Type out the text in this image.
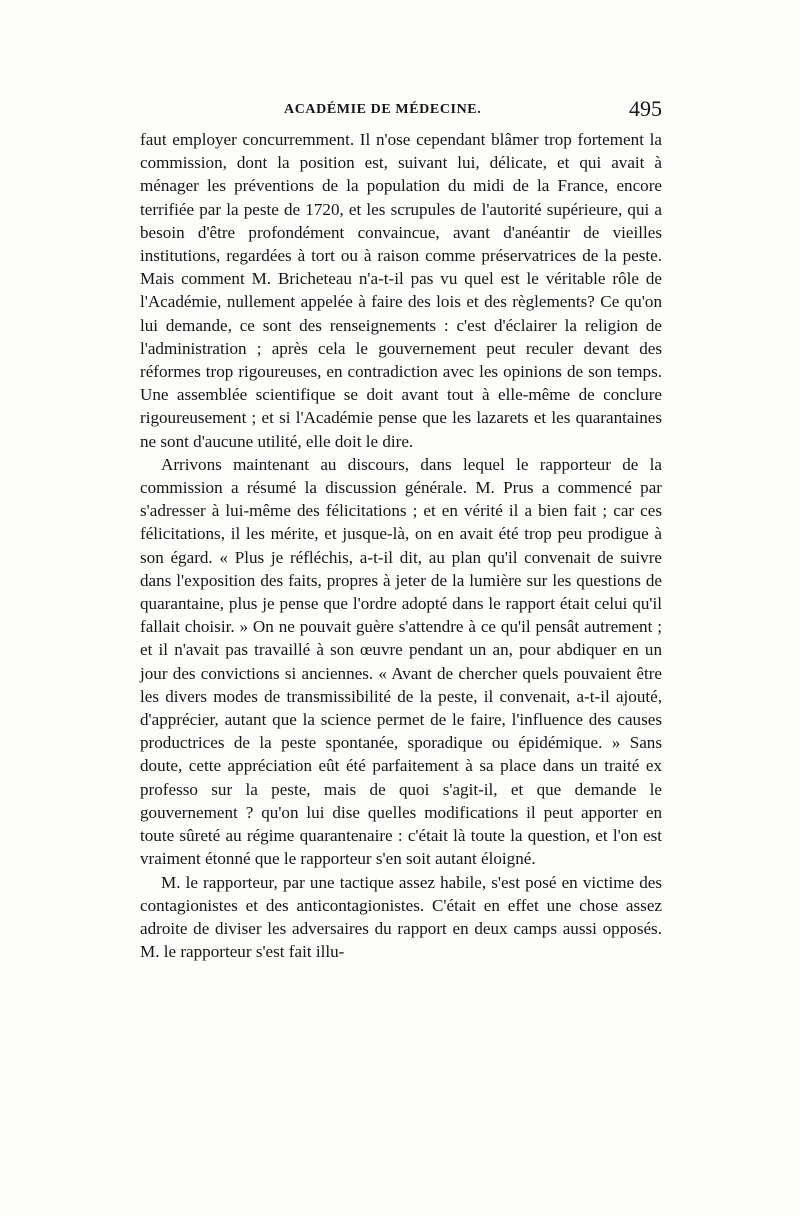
ACADÉMIE DE MÉDECINE.	495

faut employer concurremment. Il n'ose cependant blâmer trop fortement la commission, dont la position est, suivant lui, délicate, et qui avait à ménager les préventions de la population du midi de la France, encore terrifiée par la peste de 1720, et les scrupules de l'autorité supérieure, qui a besoin d'être profondément convaincue, avant d'anéantir de vieilles institutions, regardées à tort ou à raison comme préservatrices de la peste. Mais comment M. Bricheteau n'a-t-il pas vu quel est le véritable rôle de l'Académie, nullement appelée à faire des lois et des règlements? Ce qu'on lui demande, ce sont des renseignements : c'est d'éclairer la religion de l'administration ; après cela le gouvernement peut reculer devant des réformes trop rigoureuses, en contradiction avec les opinions de son temps. Une assemblée scientifique se doit avant tout à elle-même de conclure rigoureusement ; et si l'Académie pense que les lazarets et les quarantaines ne sont d'aucune utilité, elle doit le dire.

Arrivons maintenant au discours, dans lequel le rapporteur de la commission a résumé la discussion générale. M. Prus a commencé par s'adresser à lui-même des félicitations ; et en vérité il a bien fait ; car ces félicitations, il les mérite, et jusque-là, on en avait été trop peu prodigue à son égard. « Plus je réfléchis, a-t-il dit, au plan qu'il convenait de suivre dans l'exposition des faits, propres à jeter de la lumière sur les questions de quarantaine, plus je pense que l'ordre adopté dans le rapport était celui qu'il fallait choisir. » On ne pouvait guère s'attendre à ce qu'il pensât autrement ; et il n'avait pas travaillé à son œuvre pendant un an, pour abdiquer en un jour des convictions si anciennes. « Avant de chercher quels pouvaient être les divers modes de transmissibilité de la peste, il convenait, a-t-il ajouté, d'apprécier, autant que la science permet de le faire, l'influence des causes productrices de la peste spontanée, sporadique ou épidémique. » Sans doute, cette appréciation eût été parfaitement à sa place dans un traité ex professo sur la peste, mais de quoi s'agit-il, et que demande le gouvernement ? qu'on lui dise quelles modifications il peut apporter en toute sûreté au régime quarantenaire : c'était là toute la question, et l'on est vraiment étonné que le rapporteur s'en soit autant éloigné.

M. le rapporteur, par une tactique assez habile, s'est posé en victime des contagionistes et des anticontagionistes. C'était en effet une chose assez adroite de diviser les adversaires du rapport en deux camps aussi opposés. M. le rapporteur s'est fait illu-
